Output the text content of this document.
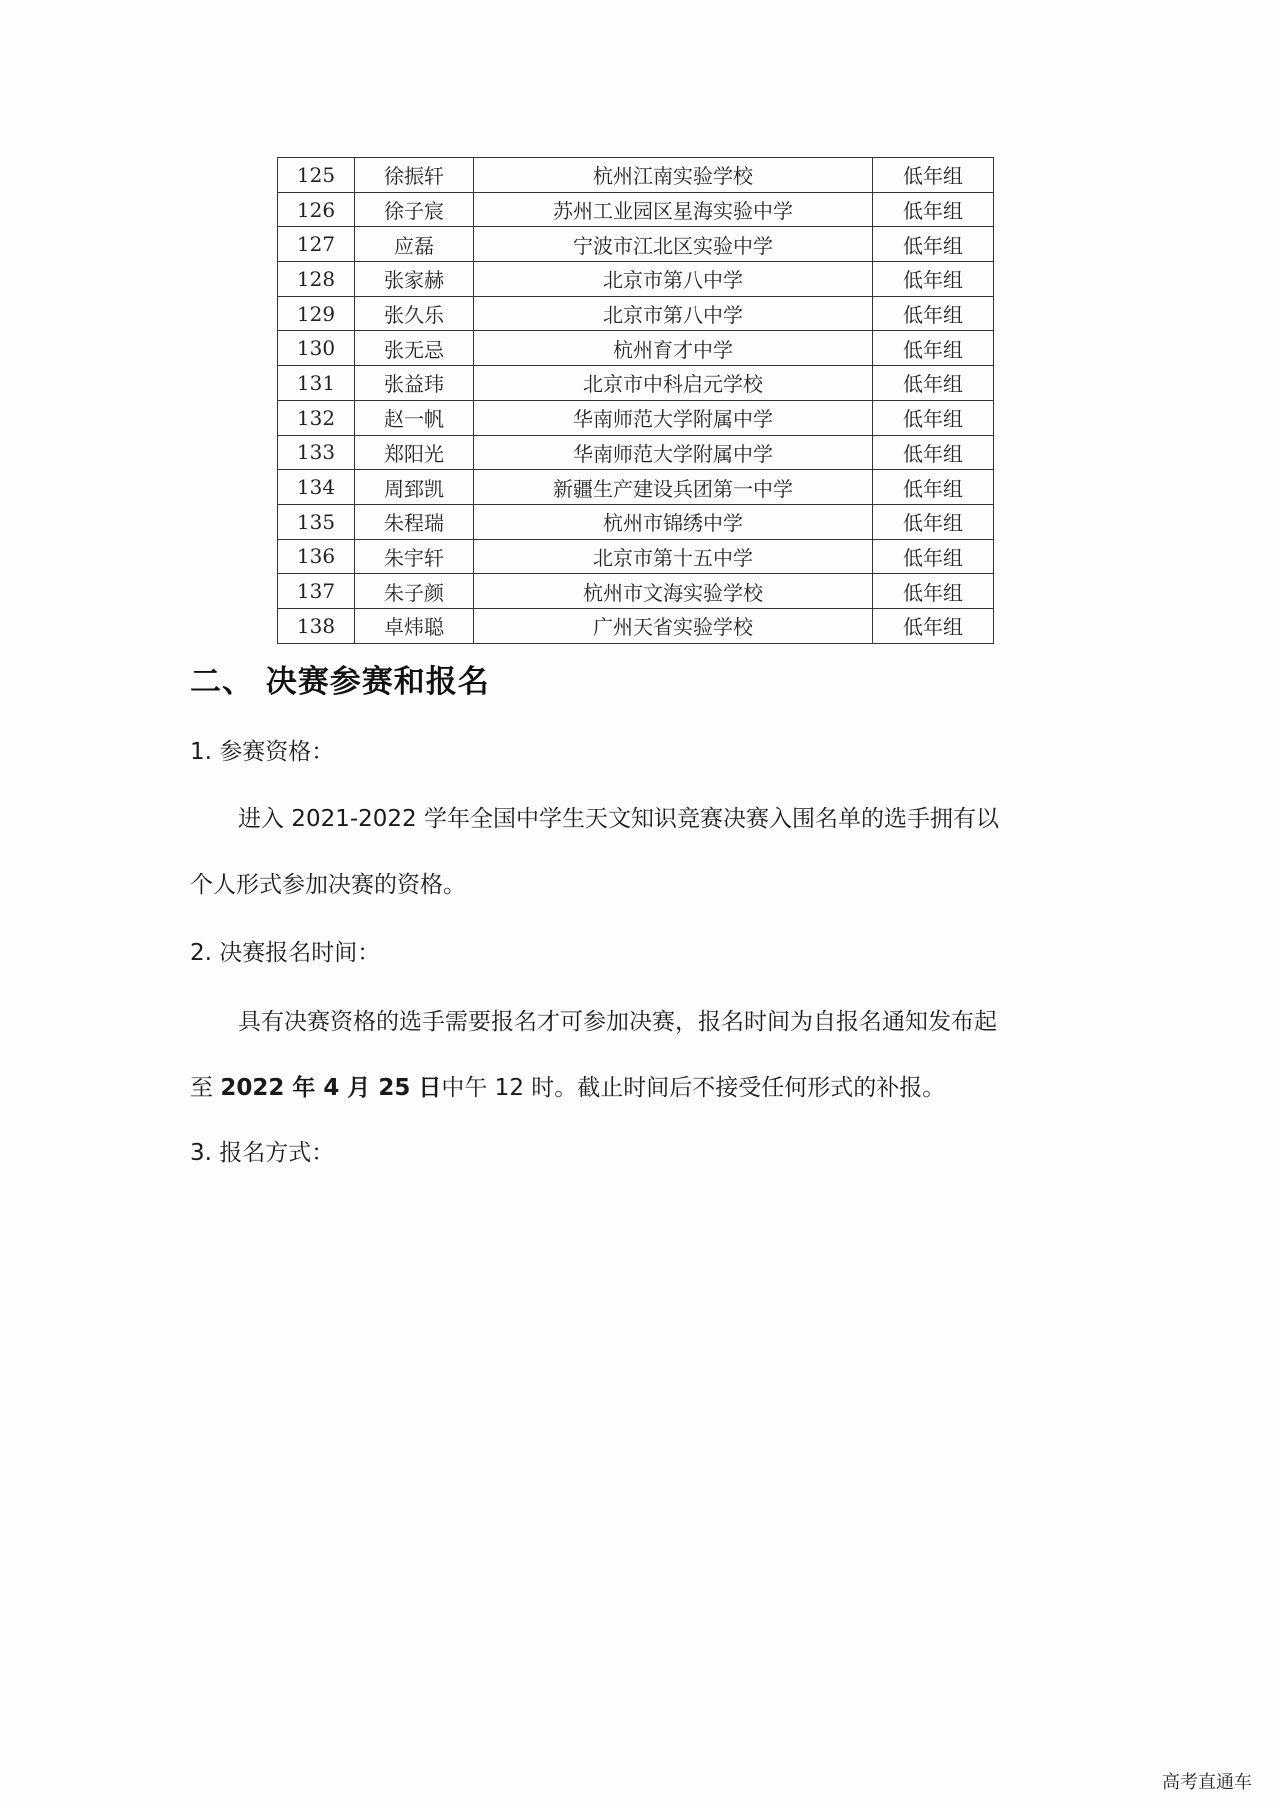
125	徐振轩	杭州江南实验学校	低年组
126	徐子宸	苏州工业园区星海实验中学	低年组
127	应磊	宁波市江北区实验中学	低年组
128	张家赫	北京市第八中学	低年组
129	张久乐	北京市第八中学	低年组
130	张无忌	杭州育才中学	低年组
131	张益玮	北京市中科启元学校	低年组
132	赵一帆	华南师范大学附属中学	低年组
133	郑阳光	华南师范大学附属中学	低年组
134	周郅凯	新疆生产建设兵团第一中学	低年组
135	朱程瑞	杭州市锦绣中学	低年组
136	朱宇轩	北京市第十五中学	低年组
137	朱子颜	杭州市文海实验学校	低年组
138	卓炜聪	广州天省实验学校	低年组
二、 决赛参赛和报名
1. 参赛资格：
进入 2021-2022 学年全国中学生天文知识竞赛决赛入围名单的选手拥有以
个人形式参加决赛的资格。
2. 决赛报名时间：
具有决赛资格的选手需要报名才可参加决赛，报名时间为自报名通知发布起
至 2022 年 4 月 25 日中午 12 时。截止时间后不接受任何形式的补报。
3. 报名方式：
高考直通车
